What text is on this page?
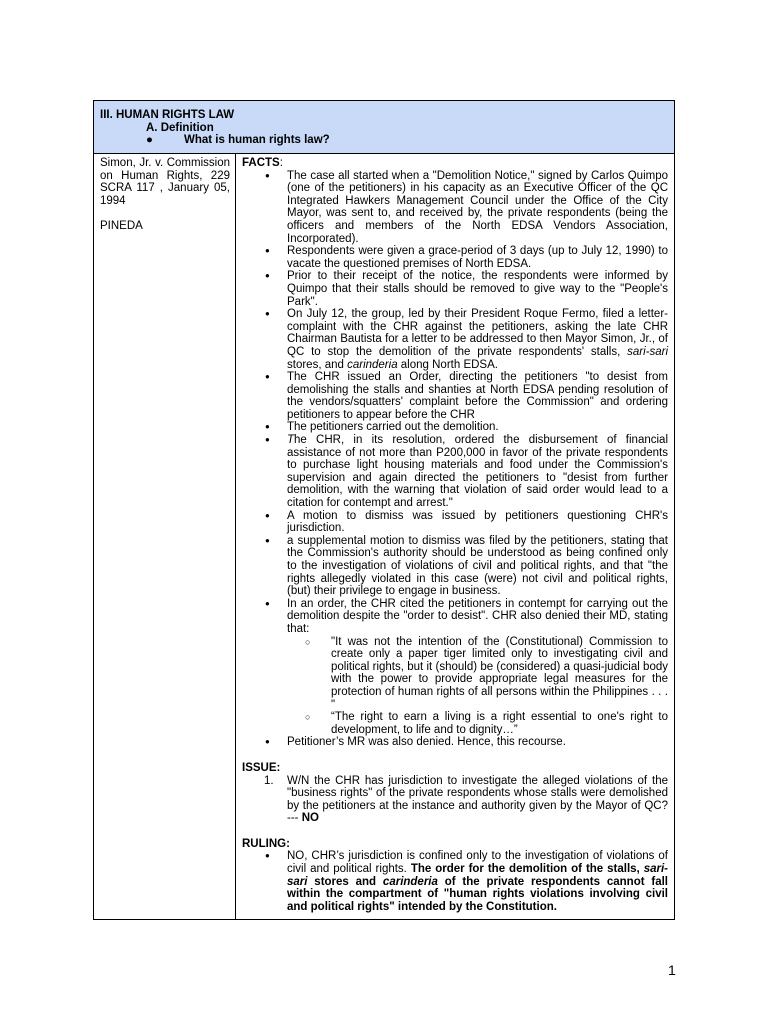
III. HUMAN RIGHTS LAW
A. Definition
●	What is human rights law?
Simon, Jr. v. Commission on Human Rights, 229 SCRA 117 , January 05, 1994
PINEDA
FACTS:
● The case all started when a "Demolition Notice," signed by Carlos Quimpo (one of the petitioners) in his capacity as an Executive Officer of the QC Integrated Hawkers Management Council under the Office of the City Mayor, was sent to, and received by, the private respondents (being the officers and members of the North EDSA Vendors Association, Incorporated).
● Respondents were given a grace-period of 3 days (up to July 12, 1990) to vacate the questioned premises of North EDSA.
● Prior to their receipt of the notice, the respondents were informed by Quimpo that their stalls should be removed to give way to the "People's Park".
● On July 12, the group, led by their President Roque Fermo, filed a letter-complaint with the CHR against the petitioners, asking the late CHR Chairman Bautista for a letter to be addressed to then Mayor Simon, Jr., of QC to stop the demolition of the private respondents' stalls, sari-sari stores, and carinderia along North EDSA.
● The CHR issued an Order, directing the petitioners "to desist from demolishing the stalls and shanties at North EDSA pending resolution of the vendors/squatters' complaint before the Commission" and ordering petitioners to appear before the CHR
● The petitioners carried out the demolition.
● The CHR, in its resolution, ordered the disbursement of financial assistance of not more than P200,000 in favor of the private respondents to purchase light housing materials and food under the Commission's supervision and again directed the petitioners to "desist from further demolition, with the warning that violation of said order would lead to a citation for contempt and arrest."
● A motion to dismiss was issued by petitioners questioning CHR's jurisdiction.
● a supplemental motion to dismiss was filed by the petitioners, stating that the Commission's authority should be understood as being confined only to the investigation of violations of civil and political rights, and that "the rights allegedly violated in this case (were) not civil and political rights, (but) their privilege to engage in business.
● In an order, the CHR cited the petitioners in contempt for carrying out the demolition despite the "order to desist". CHR also denied their MD, stating that:
○ "It was not the intention of the (Constitutional) Commission to create only a paper tiger limited only to investigating civil and political rights, but it (should) be (considered) a quasi-judicial body with the power to provide appropriate legal measures for the protection of human rights of all persons within the Philippines . . . "
○ “The right to earn a living is a right essential to one's right to development, to life and to dignity…”
● Petitioner’s MR was also denied. Hence, this recourse.
ISSUE:
1. W/N the CHR has jurisdiction to investigate the alleged violations of the "business rights" of the private respondents whose stalls were demolished by the petitioners at the instance and authority given by the Mayor of QC? --- NO
RULING:
● NO, CHR’s jurisdiction is confined only to the investigation of violations of civil and political rights. The order for the demolition of the stalls, sari-sari stores and carinderia of the private respondents cannot fall within the compartment of "human rights violations involving civil and political rights" intended by the Constitution.
1
